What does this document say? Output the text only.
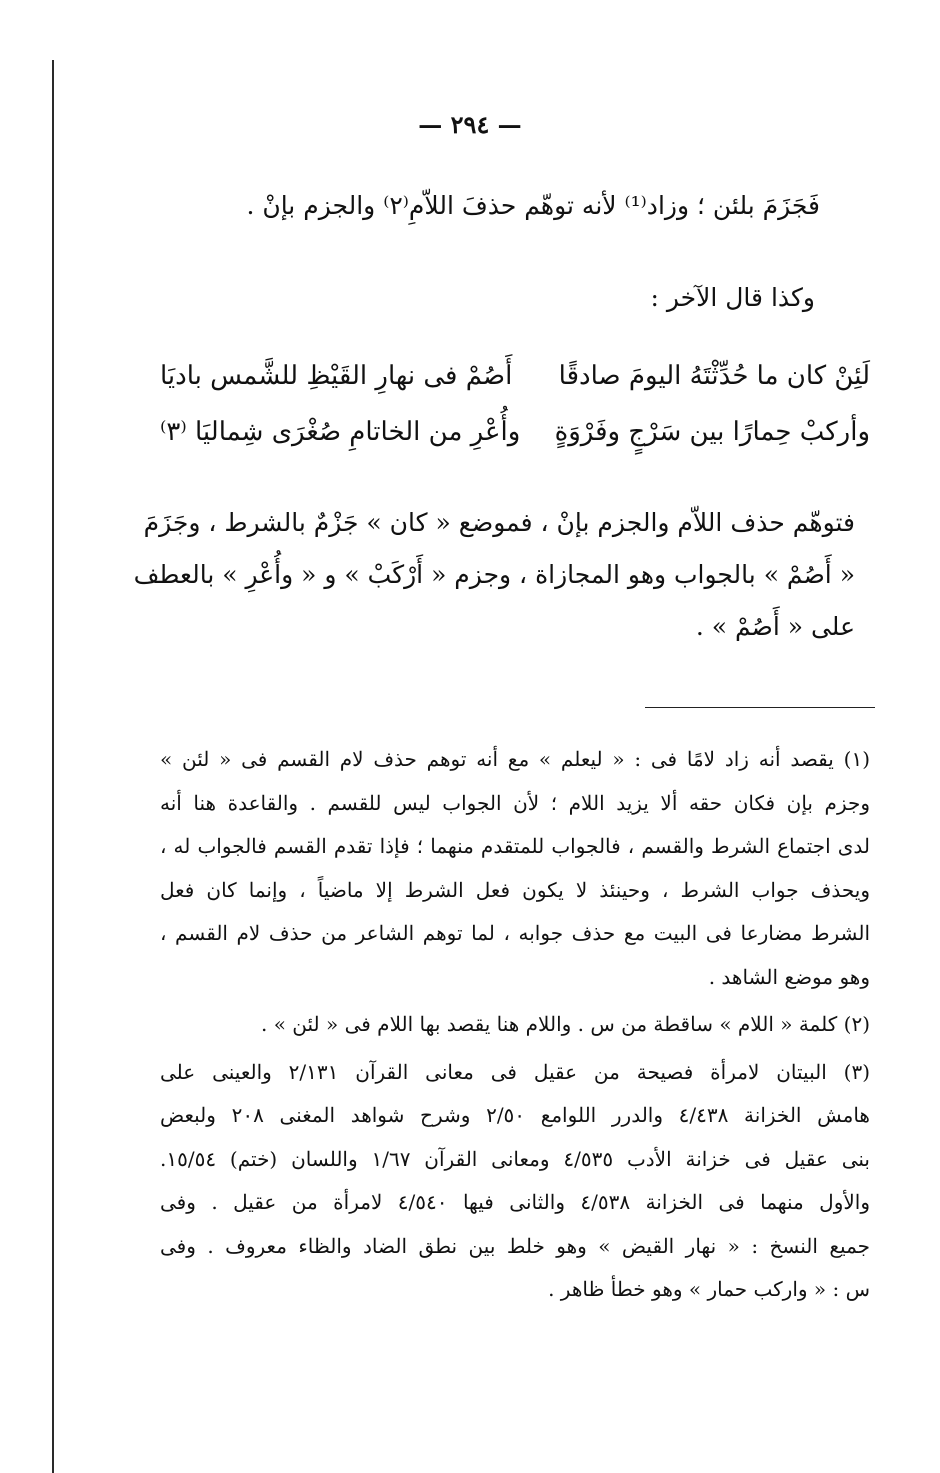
— ٢٩٤ —
فَجَزَمَ بلئن ؛ وزاد⁽¹⁾ لأنه توهّم حذفَ اللاّمِ⁽٢⁾ والجزم بإنْ .
وكذا قال الآخر :
لَئِنْ كان ما حُدِّثْتَهُ اليومَ صادقًا
أَصُمْ فى نهارِ القَيْظِ للشَّمس باديَا
وأركبْ حِمارًا بين سَرْجٍ وفَرْوَةٍ
وأُعْرِ من الخاتامِ صُغْرَى شِماليَا ⁽٣⁾
فتوهّم حذف اللاّم والجزم بإنْ ، فموضع « كان » جَزْمٌ بالشرط ، وجَزَمَ
« أَصُمْ » بالجواب وهو المجازاة ، وجزم « أَرْكَبْ » و « وأُعْرِ » بالعطف
على « أَصُمْ » .
(١) يقصد أنه زاد لامًا فى : « ليعلم » مع أنه توهم حذف لام القسم فى « لئن »
وجزم بإن فكان حقه ألا يزيد اللام ؛ لأن الجواب ليس للقسم . والقاعدة هنا أنه
لدى اجتماع الشرط والقسم ، فالجواب للمتقدم منهما ؛ فإذا تقدم القسم فالجواب له ،
ويحذف جواب الشرط ، وحينئذ لا يكون فعل الشرط إلا ماضياً ، وإنما كان فعل
الشرط مضارعا فى البيت مع حذف جوابه ، لما توهم الشاعر من حذف لام القسم ،
وهو موضع الشاهد .
(٢) كلمة « اللام » ساقطة من س . واللام هنا يقصد بها اللام فى « لئن » .
(٣) البيتان لامرأة فصيحة من عقيل فى معانى القرآن ٢/١٣١ والعينى على
هامش الخزانة ٤/٤٣٨ والدرر اللوامع ٢/٥٠ وشرح شواهد المغنى ٢٠٨ ولبعض
بنى عقيل فى خزانة الأدب ٤/٥٣٥ ومعانى القرآن ١/٦٧ واللسان (ختم) ١٥/٥٤.
والأول منهما فى الخزانة ٤/٥٣٨ والثانى فيها ٤/٥٤٠ لامرأة من عقيل . وفى
جميع النسخ : « نهار القيض » وهو خلط بين نطق الضاد والظاء معروف . وفى
س : « واركب حمار » وهو خطأ ظاهر .
